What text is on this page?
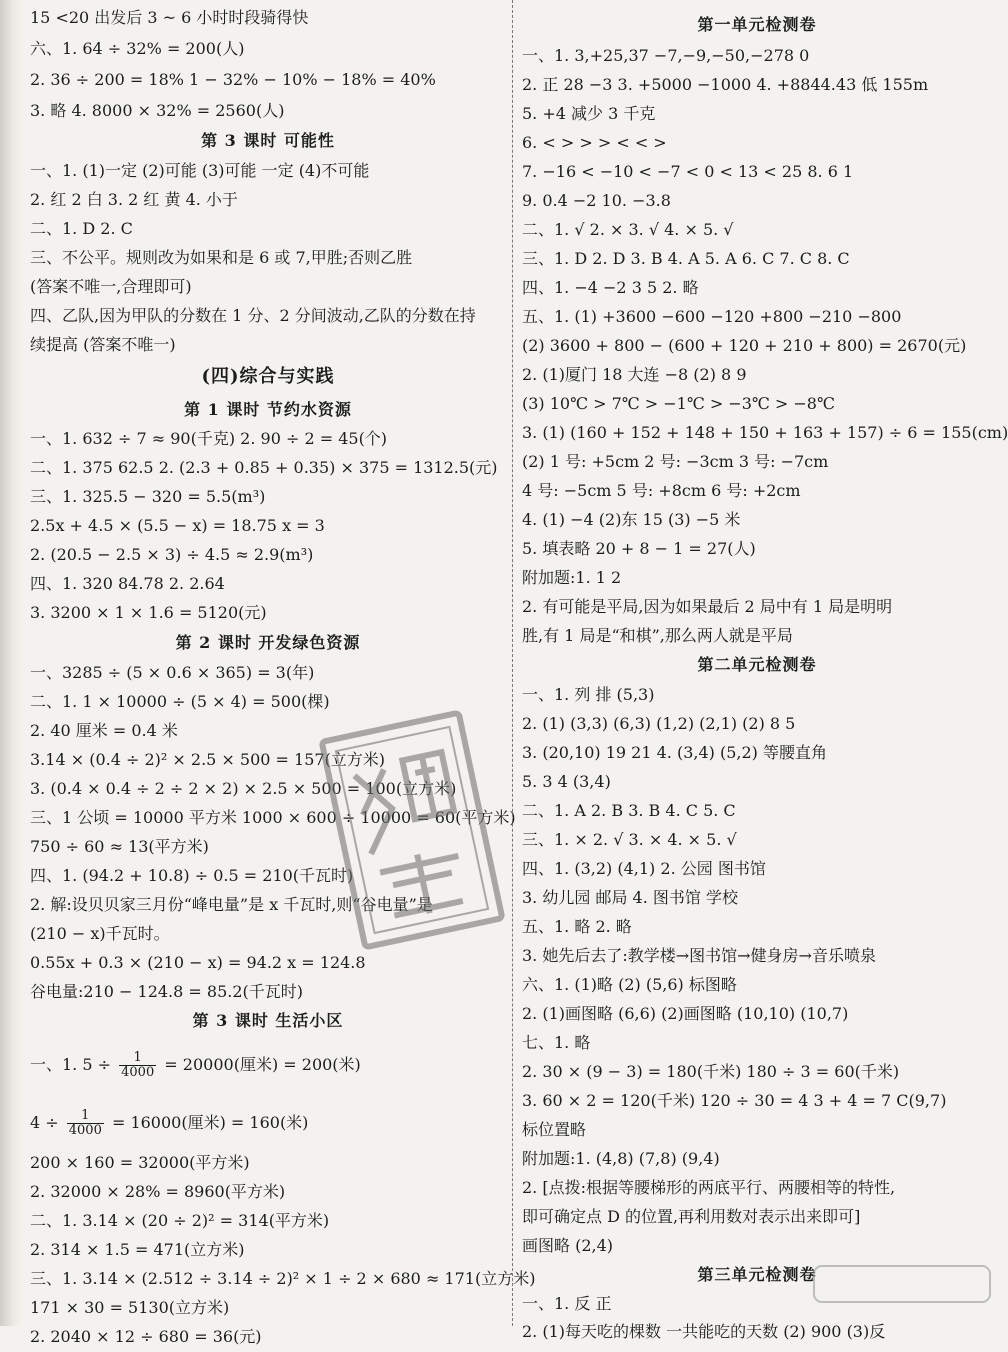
15 <20 出发后 3 ~ 6 小时时段骑得快
六、1. 64 ÷ 32% = 200(人)
2. 36 ÷ 200 = 18% 1 − 32% − 10% − 18% = 40%
3. 略 4. 8000 × 32% = 2560(人)
第 3 课时 可能性
一、1. (1)一定 (2)可能 (3)可能 一定 (4)不可能
2. 红 2 白 3. 2 红 黄 4. 小于
二、1. D 2. C
三、不公平。规则改为如果和是 6 或 7,甲胜;否则乙胜
(答案不唯一,合理即可)
四、乙队,因为甲队的分数在 1 分、2 分间波动,乙队的分数在持
续提高 (答案不唯一)
(四)综合与实践
第 1 课时 节约水资源
一、1. 632 ÷ 7 ≈ 90(千克) 2. 90 ÷ 2 = 45(个)
二、1. 375 62.5 2. (2.3 + 0.85 + 0.35) × 375 = 1312.5(元)
三、1. 325.5 − 320 = 5.5(m³)
2.5x + 4.5 × (5.5 − x) = 18.75 x = 3
2. (20.5 − 2.5 × 3) ÷ 4.5 ≈ 2.9(m³)
四、1. 320 84.78 2. 2.64
3. 3200 × 1 × 1.6 = 5120(元)
第 2 课时 开发绿色资源
一、3285 ÷ (5 × 0.6 × 365) = 3(年)
二、1. 1 × 10000 ÷ (5 × 4) = 500(棵)
2. 40 厘米 = 0.4 米
3.14 × (0.4 ÷ 2)² × 2.5 × 500 = 157(立方米)
3. (0.4 × 0.4 ÷ 2 ÷ 2 × 2) × 2.5 × 500 = 100(立方米)
三、1 公顷 = 10000 平方米 1000 × 600 ÷ 10000 = 60(平方米)
750 ÷ 60 ≈ 13(平方米)
四、1. (94.2 + 10.8) ÷ 0.5 = 210(千瓦时)
2. 解:设贝贝家三月份“峰电量”是 x 千瓦时,则“谷电量”是
(210 − x)千瓦时。
0.55x + 0.3 × (210 − x) = 94.2 x = 124.8
谷电量:210 − 124.8 = 85.2(千瓦时)
第 3 课时 生活小区
一、1. $5 \div \frac{1}{4000} = 20000$(厘米) = 200(米)
$4 \div \frac{1}{4000} = 16000$(厘米) = 160(米)
200 × 160 = 32000(平方米)
2. 32000 × 28% = 8960(平方米)
二、1. 3.14 × (20 ÷ 2)² = 314(平方米)
2. 314 × 1.5 = 471(立方米)
三、1. 3.14 × (2.512 ÷ 3.14 ÷ 2)² × 1 ÷ 2 × 680 ≈ 171(立方米)
171 × 30 = 5130(立方米)
2. 2040 × 12 ÷ 680 = 36(元)
第一单元检测卷
一、1. 3,+25,37 −7,−9,−50,−278 0
2. 正 28 −3 3. +5000 −1000 4. +8844.43 低 155m
5. +4 减少 3 千克
6. < > > > < < >
7. −16 < −10 < −7 < 0 < 13 < 25 8. 6 1
9. 0.4 −2 10. −3.8
二、1. √ 2. × 3. √ 4. × 5. √
三、1. D 2. D 3. B 4. A 5. A 6. C 7. C 8. C
四、1. −4 −2 3 5 2. 略
五、1. (1) +3600 −600 −120 +800 −210 −800
(2) 3600 + 800 − (600 + 120 + 210 + 800) = 2670(元)
2. (1)厦门 18 大连 −8 (2) 8 9
(3) 10℃ > 7℃ > −1℃ > −3℃ > −8℃
3. (1) (160 + 152 + 148 + 150 + 163 + 157) ÷ 6 = 155(cm)
(2) 1 号: +5cm 2 号: −3cm 3 号: −7cm
4 号: −5cm 5 号: +8cm 6 号: +2cm
4. (1) −4 (2)东 15 (3) −5 米
5. 填表略 20 + 8 − 1 = 27(人)
附加题:1. 1 2
2. 有可能是平局,因为如果最后 2 局中有 1 局是明明
胜,有 1 局是“和棋”,那么两人就是平局
第二单元检测卷
一、1. 列 排 (5,3)
2. (1) (3,3) (6,3) (1,2) (2,1) (2) 8 5
3. (20,10) 19 21 4. (3,4) (5,2) 等腰直角
5. 3 4 (3,4)
二、1. A 2. B 3. B 4. C 5. C
三、1. × 2. √ 3. × 4. × 5. √
四、1. (3,2) (4,1) 2. 公园 图书馆
3. 幼儿园 邮局 4. 图书馆 学校
五、1. 略 2. 略
3. 她先后去了:教学楼→图书馆→健身房→音乐喷泉
六、1. (1)略 (2) (5,6) 标图略
2. (1)画图略 (6,6) (2)画图略 (10,10) (10,7)
七、1. 略
2. 30 × (9 − 3) = 180(千米) 180 ÷ 3 = 60(千米)
3. 60 × 2 = 120(千米) 120 ÷ 30 = 4 3 + 4 = 7 C(9,7)
标位置略
附加题:1. (4,8) (7,8) (9,4)
2. [点拨:根据等腰梯形的两底平行、两腰相等的特性,
即可确定点 D 的位置,再利用数对表示出来即可]
画图略 (2,4)
第三单元检测卷
一、1. 反 正
2. (1)每天吃的棵数 一共能吃的天数 (2) 900 (3)反
